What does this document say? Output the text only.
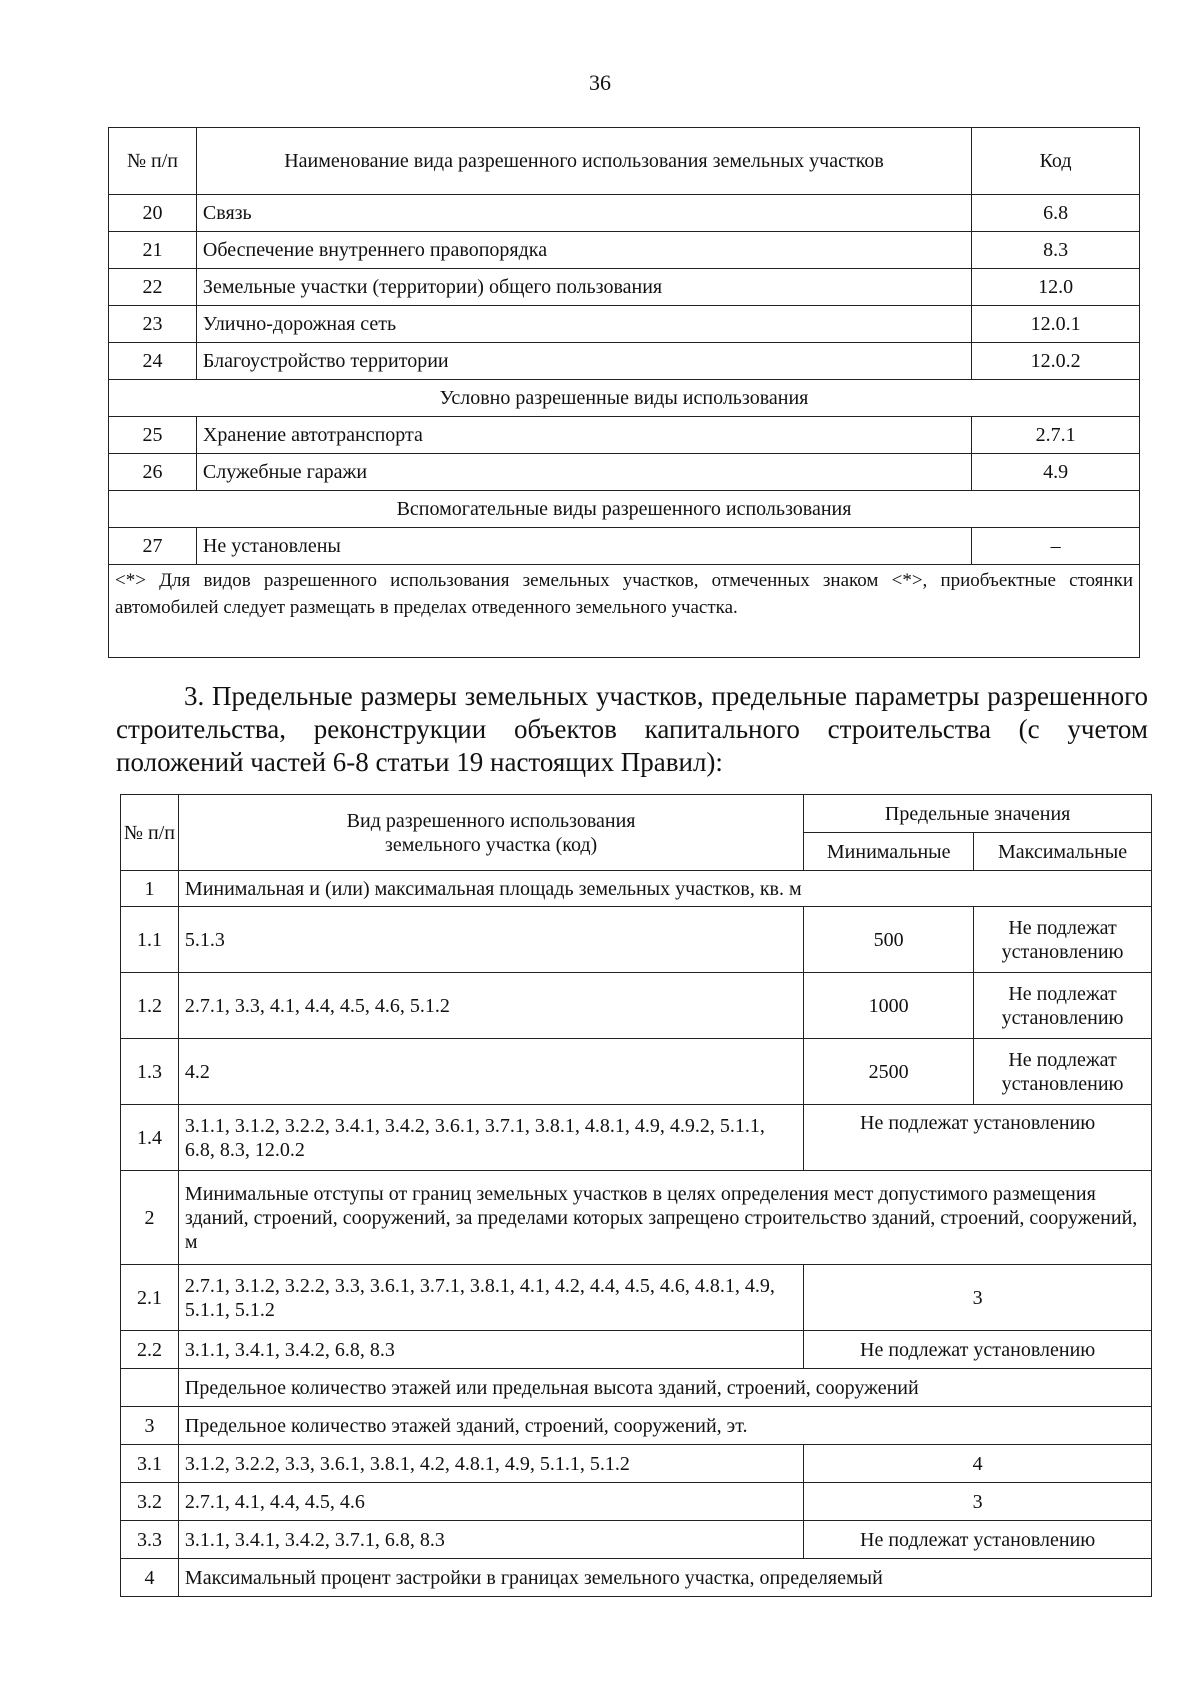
36
№ п/п	Наименование вида разрешенного использования земельных участков	Код
20	Связь	6.8
21	Обеспечение внутреннего правопорядка	8.3
22	Земельные участки (территории) общего пользования	12.0
23	Улично-дорожная сеть	12.0.1
24	Благоустройство территории	12.0.2
Условно разрешенные виды использования		
25	Хранение автотранспорта	2.7.1
26	Служебные гаражи	4.9
Вспомогательные виды разрешенного использования		
27	Не установлены	–
<*> Для видов разрешенного использования земельных участков, отмеченных знаком <*>, приобъектные стоянки автомобилей следует размещать в пределах отведенного земельного участка.		
3. Предельные размеры земельных участков, предельные параметры разрешенного строительства, реконструкции объектов капитального строительства (с учетом положений частей 6-8 статьи 19 настоящих Правил):
№ п/п	Вид разрешенного использования земельного участка (код)	Предельные значения	
		Минимальные	Максимальные
1	Минимальная и (или) максимальная площадь земельных участков, кв. м		
1.1	5.1.3	500	Не подлежат установлению
1.2	2.7.1, 3.3, 4.1, 4.4, 4.5, 4.6, 5.1.2	1000	Не подлежат установлению
1.3	4.2	2500	Не подлежат установлению
1.4	3.1.1, 3.1.2, 3.2.2, 3.4.1, 3.4.2, 3.6.1, 3.7.1, 3.8.1, 4.8.1, 4.9, 4.9.2, 5.1.1, 6.8, 8.3, 12.0.2	Не подлежат установлению	
2	Минимальные отступы от границ земельных участков в целях определения мест допустимого размещения зданий, строений, сооружений, за пределами которых запрещено строительство зданий, строений, сооружений, м		
2.1	2.7.1, 3.1.2, 3.2.2, 3.3, 3.6.1, 3.7.1, 3.8.1, 4.1, 4.2, 4.4, 4.5, 4.6, 4.8.1, 4.9, 5.1.1, 5.1.2	3	
2.2	3.1.1, 3.4.1, 3.4.2, 6.8, 8.3	Не подлежат установлению	
	Предельное количество этажей или предельная высота зданий, строений, сооружений		
3	Предельное количество этажей зданий, строений, сооружений, эт.		
3.1	3.1.2, 3.2.2, 3.3, 3.6.1, 3.8.1, 4.2, 4.8.1, 4.9, 5.1.1, 5.1.2	4	
3.2	2.7.1, 4.1, 4.4, 4.5, 4.6	3	
3.3	3.1.1, 3.4.1, 3.4.2, 3.7.1, 6.8, 8.3	Не подлежат установлению	
4	Максимальный процент застройки в границах земельного участка, определяемый		
